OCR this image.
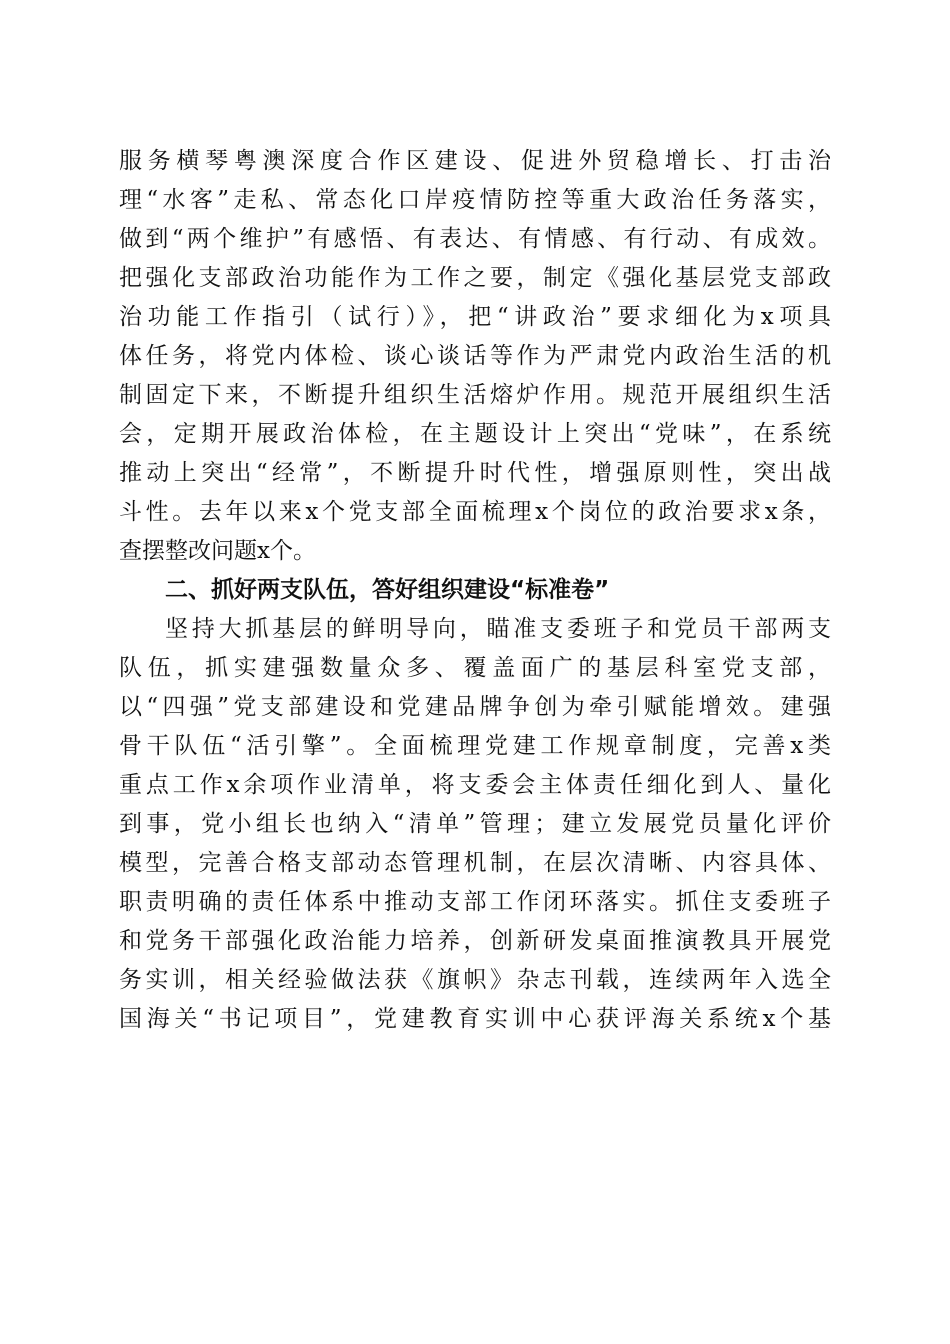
服务横琴粤澳深度合作区建设、促进外贸稳增长、打击治
理“水客”走私、常态化口岸疫情防控等重大政治任务落实，
做到“两个维护”有感悟、有表达、有情感、有行动、有成效。
把强化支部政治功能作为工作之要，制定《强化基层党支部政
治功能工作指引（试行）》，把“讲政治”要求细化为x项具
体任务，将党内体检、谈心谈话等作为严肃党内政治生活的机
制固定下来，不断提升组织生活熔炉作用。规范开展组织生活
会，定期开展政治体检，在主题设计上突出“党味”，在系统
推动上突出“经常”，不断提升时代性，增强原则性，突出战
斗性。去年以来x个党支部全面梳理x个岗位的政治要求x条，
查摆整改问题x个。
二、抓好两支队伍，答好组织建设“标准卷”
坚持大抓基层的鲜明导向，瞄准支委班子和党员干部两支
队伍，抓实建强数量众多、覆盖面广的基层科室党支部，
以“四强”党支部建设和党建品牌争创为牵引赋能增效。建强
骨干队伍“活引擎”。全面梳理党建工作规章制度，完善x类
重点工作x余项作业清单，将支委会主体责任细化到人、量化
到事，党小组长也纳入“清单”管理；建立发展党员量化评价
模型，完善合格支部动态管理机制，在层次清晰、内容具体、
职责明确的责任体系中推动支部工作闭环落实。抓住支委班子
和党务干部强化政治能力培养，创新研发桌面推演教具开展党
务实训，相关经验做法获《旗帜》杂志刊载，连续两年入选全
国海关“书记项目”，党建教育实训中心获评海关系统x个基
